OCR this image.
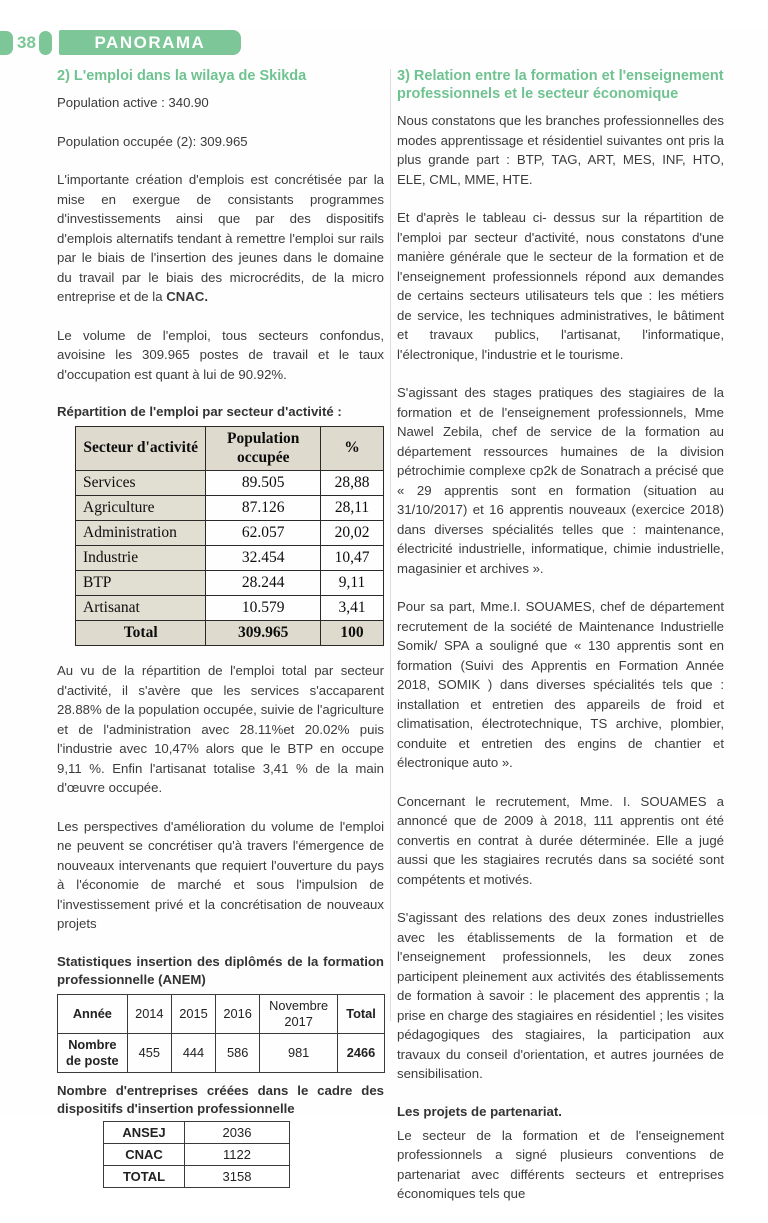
38	PANORAMA
2) L'emploi dans la wilaya de Skikda

Population active : 340.90

Population occupée (2): 309.965

L'importante création d'emplois est concrétisée par la mise en exergue de consistants programmes d'investissements ainsi que par des dispositifs d'emplois alternatifs tendant à remettre l'emploi sur rails par le biais de l'insertion des jeunes dans le domaine du travail par le biais des microcrédits, de la micro entreprise et de la CNAC.

Le volume de l'emploi, tous secteurs confondus, avoisine les 309.965 postes de travail et le taux d'occupation est quant à lui de 90.92%.

Répartition de l'emploi par secteur d'activité :
Secteur d'activité	Population occupée	%
Services	89.505	28,88
Agriculture	87.126	28,11
Administration	62.057	20,02
Industrie	32.454	10,47
BTP	28.244	9,11
Artisanat	10.579	3,41
Total	309.965	100

Au vu de la répartition de l'emploi total par secteur d'activité, il s'avère que les services s'accaparent 28.88% de la population occupée, suivie de l'agriculture et de l'administration avec 28.11%et 20.02% puis l'industrie avec 10,47% alors que le BTP en occupe 9,11 %. Enfin l'artisanat totalise 3,41 % de la main d'œuvre occupée.

Les perspectives d'amélioration du volume de l'emploi ne peuvent se concrétiser qu'à travers l'émergence de nouveaux intervenants que requiert l'ouverture du pays à l'économie de marché et sous l'impulsion de l'investissement privé et la concrétisation de nouveaux projets

Statistiques insertion des diplômés de la formation professionnelle (ANEM)
Année	2014	2015	2016	Novembre 2017	Total
Nombre de poste	455	444	586	981	2466
Nombre d'entreprises créées dans le cadre des dispositifs d'insertion professionnelle
ANSEJ	2036
CNAC	1122
TOTAL	3158
3) Relation entre la formation et l'enseignement professionnels et le secteur économique

Nous constatons que les branches professionnelles des modes apprentissage et résidentiel suivantes ont pris la plus grande part : BTP, TAG, ART, MES, INF, HTO, ELE, CML, MME, HTE.

Et d'après le tableau ci- dessus sur la répartition de l'emploi par secteur d'activité, nous constatons d'une manière générale que le secteur de la formation et de l'enseignement professionnels répond aux demandes de certains secteurs utilisateurs tels que : les métiers de service, les techniques administratives, le bâtiment et travaux publics, l'artisanat, l'informatique, l'électronique, l'industrie et le tourisme.

S'agissant des stages pratiques des stagiaires de la formation et de l'enseignement professionnels, Mme Nawel Zebila, chef de service de la formation au département ressources humaines de la division pétrochimie complexe cp2k de Sonatrach a précisé que « 29 apprentis sont en formation (situation au 31/10/2017) et 16 apprentis nouveaux (exercice 2018) dans diverses spécialités telles que : maintenance, électricité industrielle, informatique, chimie industrielle, magasinier et archives ».

Pour sa part, Mme.I. SOUAMES, chef de département recrutement de la société de Maintenance Industrielle Somik/ SPA a souligné que « 130 apprentis sont en formation (Suivi des Apprentis en Formation Année 2018, SOMIK ) dans diverses spécialités tels que : installation et entretien des appareils de froid et climatisation, électrotechnique, TS archive, plombier, conduite et entretien des engins de chantier et électronique auto ».

Concernant le recrutement, Mme. I. SOUAMES a annoncé que de 2009 à 2018, 111 apprentis ont été convertis en contrat à durée déterminée. Elle a jugé aussi que les stagiaires recrutés dans sa société sont compétents et motivés.

S'agissant des relations des deux zones industrielles avec les établissements de la formation et de l'enseignement professionnels, les deux zones participent pleinement aux activités des établissements de formation à savoir : le placement des apprentis ; la prise en charge des stagiaires en résidentiel ; les visites pédagogiques des stagiaires, la participation aux travaux du conseil d'orientation, et autres journées de sensibilisation.

Les projets de partenariat.

Le secteur de la formation et de l'enseignement professionnels a signé plusieurs conventions de partenariat avec différents secteurs et entreprises économiques tels que
